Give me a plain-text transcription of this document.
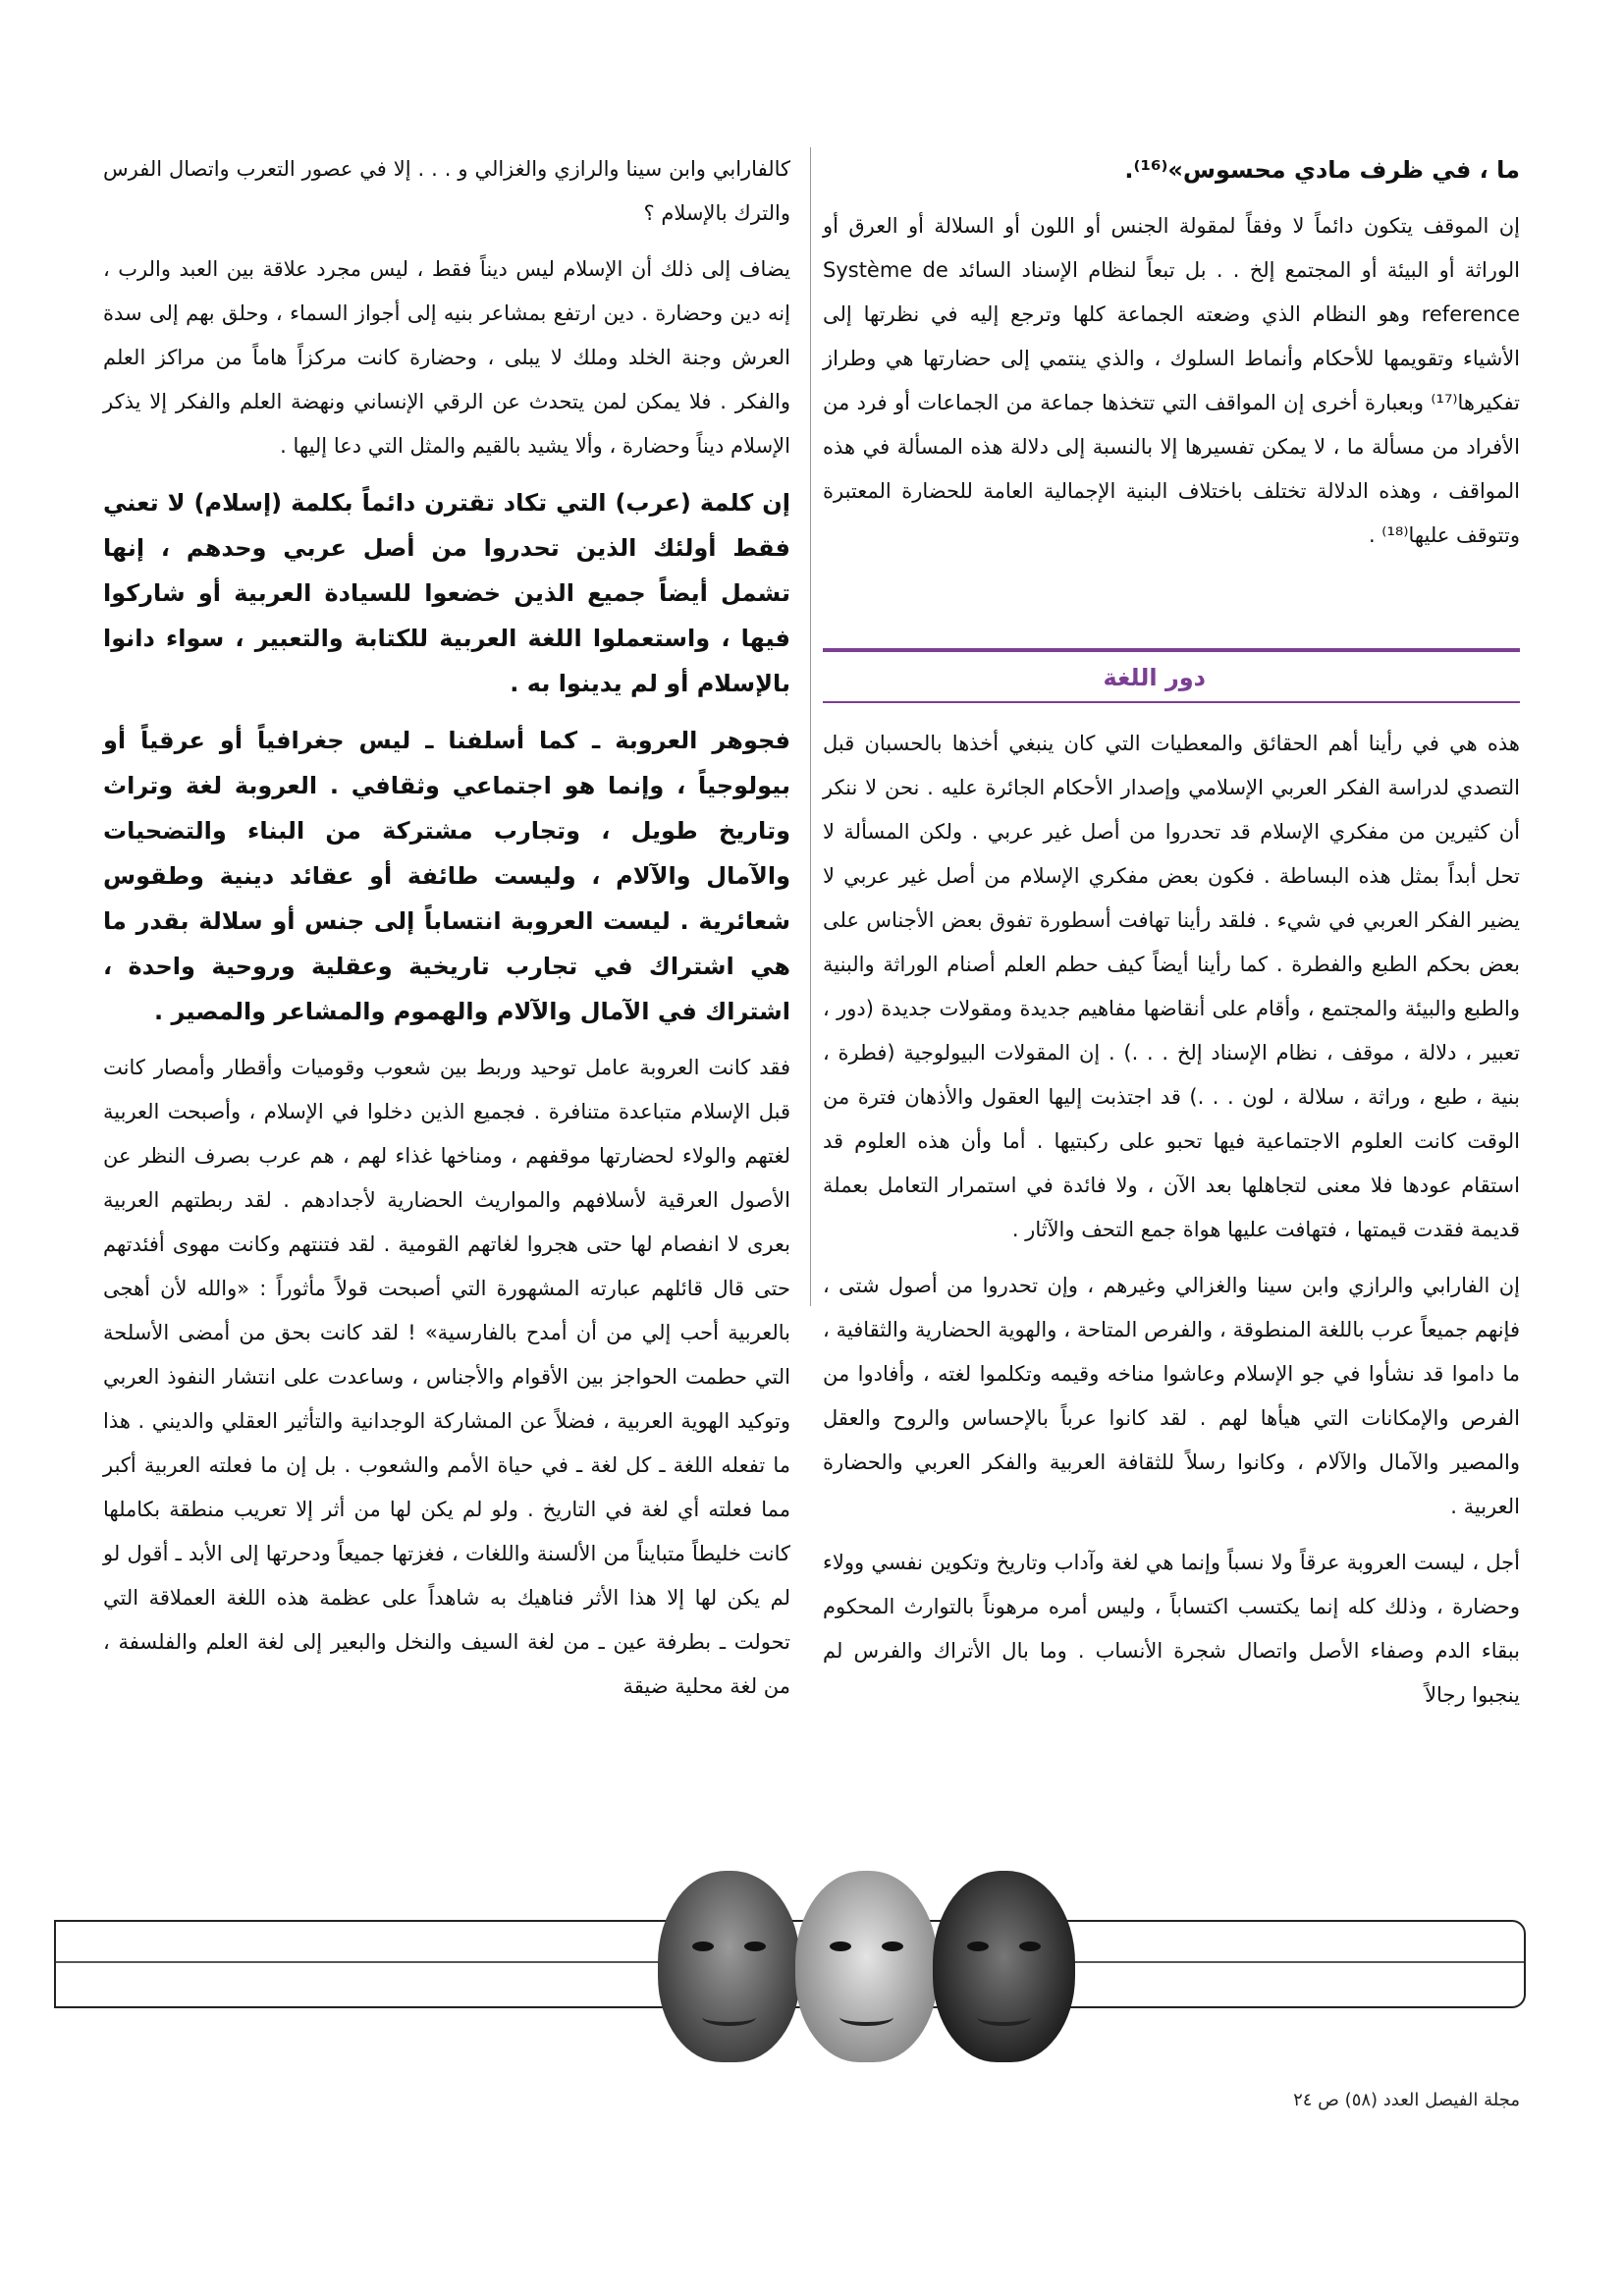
ما ، في ظرف مادي محسوس»⁽¹⁶⁾.

إن الموقف يتكون دائماً لا وفقاً لمقولة الجنس أو اللون أو السلالة أو العرق أو الوراثة أو البيئة أو المجتمع إلخ . . بل تبعاً لنظام الإسناد السائد Système de reference وهو النظام الذي وضعته الجماعة كلها وترجع إليه في نظرتها إلى الأشياء وتقويمها للأحكام وأنماط السلوك ، والذي ينتمي إلى حضارتها هي وطراز تفكيرها⁽¹⁷⁾ وبعبارة أخرى إن المواقف التي تتخذها جماعة من الجماعات أو فرد من الأفراد من مسألة ما ، لا يمكن تفسيرها إلا بالنسبة إلى دلالة هذه المسألة في هذه المواقف ، وهذه الدلالة تختلف باختلاف البنية الإجمالية العامة للحضارة المعتبرة وتتوقف عليها⁽¹⁸⁾ .

دور اللغة

هذه هي في رأينا أهم الحقائق والمعطيات التي كان ينبغي أخذها بالحسبان قبل التصدي لدراسة الفكر العربي الإسلامي وإصدار الأحكام الجائرة عليه . نحن لا ننكر أن كثيرين من مفكري الإسلام قد تحدروا من أصل غير عربي . ولكن المسألة لا تحل أبداً بمثل هذه البساطة . فكون بعض مفكري الإسلام من أصل غير عربي لا يضير الفكر العربي في شيء . فلقد رأينا تهافت أسطورة تفوق بعض الأجناس على بعض بحكم الطبع والفطرة . كما رأينا أيضاً كيف حطم العلم أصنام الوراثة والبنية والطبع والبيئة والمجتمع ، وأقام على أنقاضها مفاهيم جديدة ومقولات جديدة (دور ، تعبير ، دلالة ، موقف ، نظام الإسناد إلخ . . .) . إن المقولات البيولوجية (فطرة ، بنية ، طبع ، وراثة ، سلالة ، لون . . .) قد اجتذبت إليها العقول والأذهان فترة من الوقت كانت العلوم الاجتماعية فيها تحبو على ركبتيها . أما وأن هذه العلوم قد استقام عودها فلا معنى لتجاهلها بعد الآن ، ولا فائدة في استمرار التعامل بعملة قديمة فقدت قيمتها ، فتهافت عليها هواة جمع التحف والآثار .

إن الفارابي والرازي وابن سينا والغزالي وغيرهم ، وإن تحدروا من أصول شتى ، فإنهم جميعاً عرب باللغة المنطوقة ، والفرص المتاحة ، والهوية الحضارية والثقافية ، ما داموا قد نشأوا في جو الإسلام وعاشوا مناخه وقيمه وتكلموا لغته ، وأفادوا من الفرص والإمكانات التي هيأها لهم . لقد كانوا عرباً بالإحساس والروح والعقل والمصير والآمال والآلام ، وكانوا رسلاً للثقافة العربية والفكر العربي والحضارة العربية .

أجل ، ليست العروبة عرقاً ولا نسباً وإنما هي لغة وآداب وتاريخ وتكوين نفسي وولاء وحضارة ، وذلك كله إنما يكتسب اكتساباً ، وليس أمره مرهوناً بالتوارث المحكوم ببقاء الدم وصفاء الأصل واتصال شجرة الأنساب . وما بال الأتراك والفرس لم ينجبوا رجالاً

كالفارابي وابن سينا والرازي والغزالي و . . . إلا في عصور التعرب واتصال الفرس والترك بالإسلام ؟

يضاف إلى ذلك أن الإسلام ليس ديناً فقط ، ليس مجرد علاقة بين العبد والرب ، إنه دين وحضارة . دين ارتفع بمشاعر بنيه إلى أجواز السماء ، وحلق بهم إلى سدة العرش وجنة الخلد وملك لا يبلى ، وحضارة كانت مركزاً هاماً من مراكز العلم والفكر . فلا يمكن لمن يتحدث عن الرقي الإنساني ونهضة العلم والفكر إلا يذكر الإسلام ديناً وحضارة ، وألا يشيد بالقيم والمثل التي دعا إليها .

إن كلمة (عرب) التي تكاد تقترن دائماً بكلمة (إسلام) لا تعني فقط أولئك الذين تحدروا من أصل عربي وحدهم ، إنها تشمل أيضاً جميع الذين خضعوا للسيادة العربية أو شاركوا فيها ، واستعملوا اللغة العربية للكتابة والتعبير ، سواء دانوا بالإسلام أو لم يدينوا به .

فجوهر العروبة ـ كما أسلفنا ـ ليس جغرافياً أو عرقياً أو بيولوجياً ، وإنما هو اجتماعي وثقافي . العروبة لغة وتراث وتاريخ طويل ، وتجارب مشتركة من البناء والتضحيات والآمال والآلام ، وليست طائفة أو عقائد دينية وطقوس شعائرية . ليست العروبة انتساباً إلى جنس أو سلالة بقدر ما هي اشتراك في تجارب تاريخية وعقلية وروحية واحدة ، اشتراك في الآمال والآلام والهموم والمشاعر والمصير .

فقد كانت العروبة عامل توحيد وربط بين شعوب وقوميات وأقطار وأمصار كانت قبل الإسلام متباعدة متنافرة . فجميع الذين دخلوا في الإسلام ، وأصبحت العربية لغتهم والولاء لحضارتها موقفهم ، ومناخها غذاء لهم ، هم عرب بصرف النظر عن الأصول العرقية لأسلافهم والمواريث الحضارية لأجدادهم . لقد ربطتهم العربية بعرى لا انفصام لها حتى هجروا لغاتهم القومية . لقد فتنتهم وكانت مهوى أفئدتهم حتى قال قائلهم عبارته المشهورة التي أصبحت قولاً مأثوراً : «والله لأن أهجى بالعربية أحب إلي من أن أمدح بالفارسية» ! لقد كانت بحق من أمضى الأسلحة التي حطمت الحواجز بين الأقوام والأجناس ، وساعدت على انتشار النفوذ العربي وتوكيد الهوية العربية ، فضلاً عن المشاركة الوجدانية والتأثير العقلي والديني . هذا ما تفعله اللغة ـ كل لغة ـ في حياة الأمم والشعوب . بل إن ما فعلته العربية أكبر مما فعلته أي لغة في التاريخ . ولو لم يكن لها من أثر إلا تعريب منطقة بكاملها كانت خليطاً متبايناً من الألسنة واللغات ، فغزتها جميعاً ودحرتها إلى الأبد ـ أقول لو لم يكن لها إلا هذا الأثر فناهيك به شاهداً على عظمة هذه اللغة العملاقة التي تحولت ـ بطرفة عين ـ من لغة السيف والنخل والبعير إلى لغة العلم والفلسفة ، من لغة محلية ضيقة

مجلة الفيصل العدد (٥٨) ص ٢٤
